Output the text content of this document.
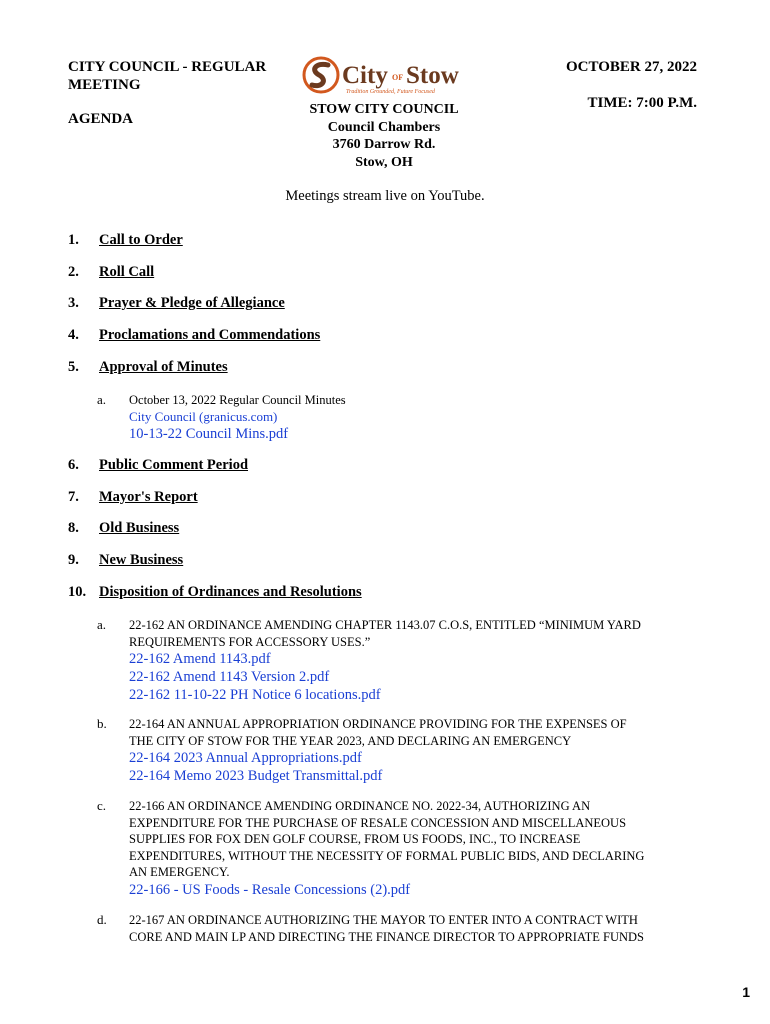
CITY COUNCIL - REGULAR
MEETING
AGENDA
City OF Stow
Tradition Grounded, Future Focused
OCTOBER 27, 2022
TIME: 7:00 P.M.
STOW CITY COUNCIL
Council Chambers
3760 Darrow Rd.
Stow, OH
Meetings stream live on YouTube.
1. Call to Order
2. Roll Call
3. Prayer & Pledge of Allegiance
4. Proclamations and Commendations
5. Approval of Minutes
a. October 13, 2022 Regular Council Minutes
City Council (granicus.com)
10-13-22 Council Mins.pdf
6. Public Comment Period
7. Mayor's Report
8. Old Business
9. New Business
10. Disposition of Ordinances and Resolutions
a. 22-162 AN ORDINANCE AMENDING CHAPTER 1143.07 C.O.S, ENTITLED “MINIMUM YARD
REQUIREMENTS FOR ACCESSORY USES.”
22-162 Amend 1143.pdf
22-162 Amend 1143 Version 2.pdf
22-162 11-10-22 PH Notice 6 locations.pdf
b. 22-164 AN ANNUAL APPROPRIATION ORDINANCE PROVIDING FOR THE EXPENSES OF
THE CITY OF STOW FOR THE YEAR 2023, AND DECLARING AN EMERGENCY
22-164 2023 Annual Appropriations.pdf
22-164 Memo 2023 Budget Transmittal.pdf
c. 22-166 AN ORDINANCE AMENDING ORDINANCE NO. 2022-34, AUTHORIZING AN
EXPENDITURE FOR THE PURCHASE OF RESALE CONCESSION AND MISCELLANEOUS
SUPPLIES FOR FOX DEN GOLF COURSE, FROM US FOODS, INC., TO INCREASE
EXPENDITURES, WITHOUT THE NECESSITY OF FORMAL PUBLIC BIDS, AND DECLARING
AN EMERGENCY.
22-166 - US Foods - Resale Concessions (2).pdf
d. 22-167 AN ORDINANCE AUTHORIZING THE MAYOR TO ENTER INTO A CONTRACT WITH
CORE AND MAIN LP AND DIRECTING THE FINANCE DIRECTOR TO APPROPRIATE FUNDS
1
